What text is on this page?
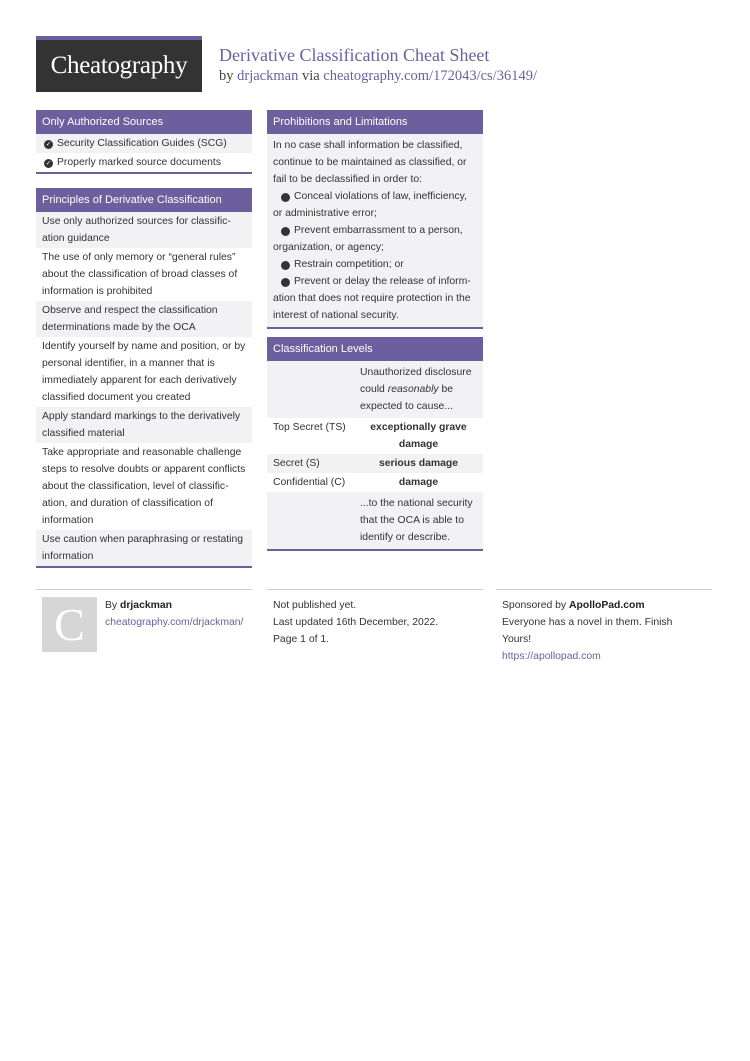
Cheatography Derivative Classification Cheat Sheet
by drjackman via cheatography.com/172043/cs/36149/
Only Authorized Sources
✓ Security Classification Guides (SCG)
✓ Properly marked source documents
Principles of Derivative Classification
Use only authorized sources for classification guidance
The use of only memory or “general rules” about the classification of broad classes of information is prohibited
Observe and respect the classification determinations made by the OCA
Identify yourself by name and position, or by personal identifier, in a manner that is immediately apparent for each derivatively classified document you created
Apply standard markings to the derivatively classified material
Take appropriate and reasonable challenge steps to resolve doubts or apparent conflicts about the classification, level of classification, and duration of classification of information
Use caution when paraphrasing or restating information
Prohibitions and Limitations
In no case shall information be classified, continue to be maintained as classified, or fail to be declassified in order to:
✕Conceal violations of law, inefficiency, or administrative error;
✕Prevent embarrassment to a person, organization, or agency;
✕Restrain competition; or
✕Prevent or delay the release of information that does not require protection in the interest of national security.
Classification Levels
	Unauthorized disclosure could reasonably be expected to cause...
Top Secret (TS)	exceptionally grave damage
Secret (S)	serious damage
Confidential (C)	damage
	...to the national security that the OCA is able to identify or describe.
C	By drjackman
cheatography.com/drjackman/
Not published yet.
Last updated 16th December, 2022.
Page 1 of 1.
Sponsored by ApolloPad.com
Everyone has a novel in them. Finish Yours!
https://apollopad.com
